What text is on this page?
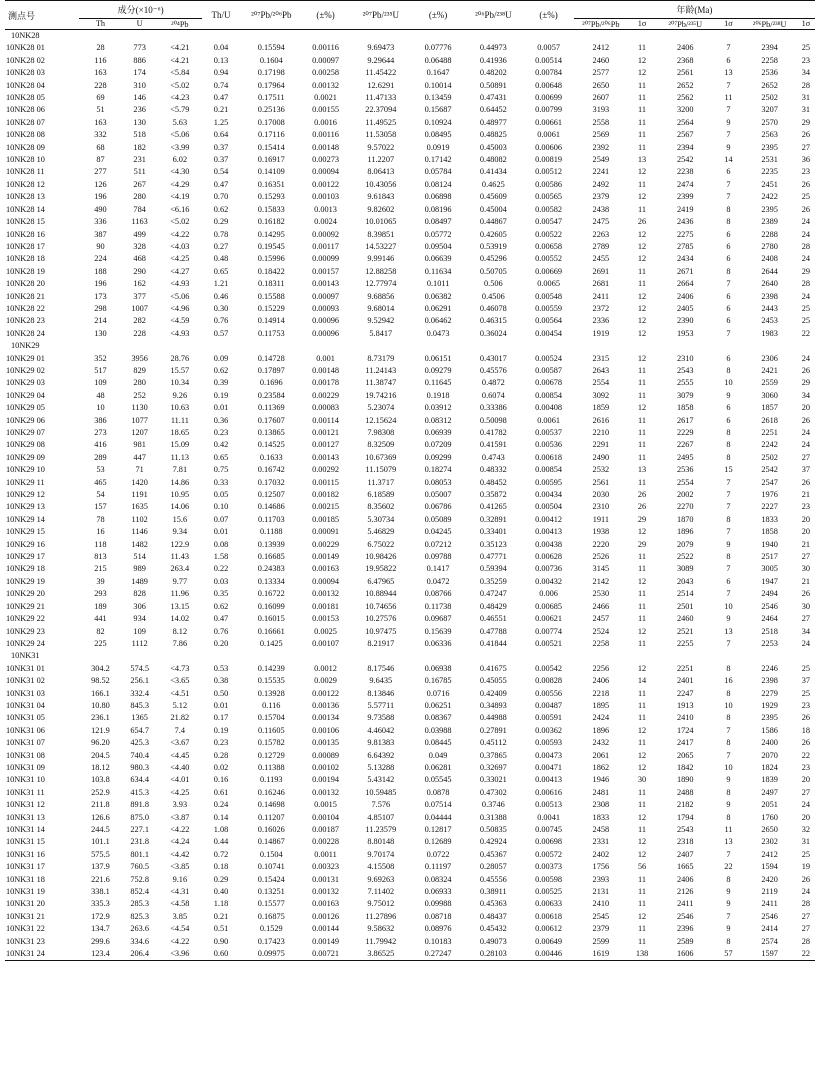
测点号	成分(×10⁻⁶)			Th/U	²⁰⁷Pb/²⁰⁶Pb	(±%)	²⁰⁷Pb/²³⁵U	(±%)	²⁰⁶Pb/²³⁸U	(±%)	年龄(Ma)					
	Th	U	²⁰⁴Pb								²⁰⁷Pb/²⁰⁶Pb	1σ	²⁰⁷Pb/²³⁵U	1σ	²⁰⁶Pb/²³⁸U	1σ
10NK28																
10NK28 01	28	773	<4.21	0.04	0.15594	0.00116	9.69473	0.07776	0.44973	0.0057	2412	11	2406	7	2394	25
10NK28 02	116	886	<4.21	0.13	0.1604	0.00097	9.29644	0.06488	0.41936	0.00514	2460	12	2368	6	2258	23
10NK28 03	163	174	<5.84	0.94	0.17198	0.00258	11.45422	0.1647	0.48202	0.00784	2577	12	2561	13	2536	34
10NK28 04	228	310	<5.02	0.74	0.17964	0.00132	12.6291	0.10014	0.50891	0.00648	2650	11	2652	7	2652	28
10NK28 05	69	146	<4.23	0.47	0.17511	0.0021	11.47133	0.13459	0.47431	0.00699	2607	11	2562	11	2502	31
10NK28 06	51	236	<5.79	0.21	0.25136	0.00155	22.37094	0.15687	0.64452	0.00799	3193	11	3200	7	3207	31
10NK28 07	163	130	5.63	1.25	0.17008	0.0016	11.49525	0.10924	0.48977	0.00661	2558	11	2564	9	2570	29
10NK28 08	332	518	<5.06	0.64	0.17116	0.00116	11.53058	0.08495	0.48825	0.0061	2569	11	2567	7	2563	26
10NK28 09	68	182	<3.99	0.37	0.15414	0.00148	9.57022	0.0919	0.45003	0.00606	2392	11	2394	9	2395	27
10NK28 10	87	231	6.02	0.37	0.16917	0.00273	11.2207	0.17142	0.48082	0.00819	2549	13	2542	14	2531	36
10NK28 11	277	511	<4.30	0.54	0.14109	0.00094	8.06413	0.05784	0.41434	0.00512	2241	12	2238	6	2235	23
10NK28 12	126	267	<4.29	0.47	0.16351	0.00122	10.43056	0.08124	0.4625	0.00586	2492	11	2474	7	2451	26
10NK28 13	196	280	<4.19	0.70	0.15293	0.00103	9.61843	0.06898	0.45609	0.00565	2379	12	2399	7	2422	25
10NK28 14	490	784	<6.16	0.62	0.15833	0.0013	9.82602	0.08196	0.45004	0.00582	2438	11	2419	8	2395	26
10NK28 15	336	1163	<5.02	0.29	0.16182	0.0024	10.01065	0.08497	0.44867	0.00547	2475	26	2436	8	2389	24
10NK28 16	387	499	<4.22	0.78	0.14295	0.00092	8.39851	0.05772	0.42605	0.00522	2263	12	2275	6	2288	24
10NK28 17	90	328	<4.03	0.27	0.19545	0.00117	14.53227	0.09504	0.53919	0.00658	2789	12	2785	6	2780	28
10NK28 18	224	468	<4.25	0.48	0.15996	0.00099	9.99146	0.06639	0.45296	0.00552	2455	12	2434	6	2408	24
10NK28 19	188	290	<4.27	0.65	0.18422	0.00157	12.88258	0.11634	0.50705	0.00669	2691	11	2671	8	2644	29
10NK28 20	196	162	<4.93	1.21	0.18311	0.00143	12.77974	0.1011	0.506	0.0065	2681	11	2664	7	2640	28
10NK28 21	173	377	<5.06	0.46	0.15588	0.00097	9.68856	0.06382	0.4506	0.00548	2411	12	2406	6	2398	24
10NK28 22	298	1007	<4.96	0.30	0.15229	0.00093	9.68014	0.06291	0.46078	0.00559	2372	12	2405	6	2443	25
10NK28 23	214	282	<4.59	0.76	0.14914	0.00096	9.52942	0.06462	0.46315	0.00564	2336	12	2390	6	2453	25
10NK28 24	130	228	<4.93	0.57	0.11753	0.00096	5.8417	0.0473	0.36024	0.00454	1919	12	1953	7	1983	22
10NK29																
10NK29 01	352	3956	28.76	0.09	0.14728	0.001	8.73179	0.06151	0.43017	0.00524	2315	12	2310	6	2306	24
10NK29 02	517	829	15.57	0.62	0.17897	0.00148	11.24143	0.09279	0.45576	0.00587	2643	11	2543	8	2421	26
10NK29 03	109	280	10.34	0.39	0.1696	0.00178	11.38747	0.11645	0.4872	0.00678	2554	11	2555	10	2559	29
10NK29 04	48	252	9.26	0.19	0.23584	0.00229	19.74216	0.1918	0.6074	0.00854	3092	11	3079	9	3060	34
10NK29 05	10	1130	10.63	0.01	0.11369	0.00083	5.23074	0.03912	0.33386	0.00408	1859	12	1858	6	1857	20
10NK29 06	386	1077	11.11	0.36	0.17607	0.00114	12.15624	0.08312	0.50098	0.0061	2616	11	2617	6	2618	26
10NK29 07	273	1207	18.65	0.23	0.13865	0.00121	7.98308	0.06939	0.41782	0.00537	2210	11	2229	8	2251	24
10NK29 08	416	981	15.09	0.42	0.14525	0.00127	8.32509	0.07209	0.41591	0.00536	2291	11	2267	8	2242	24
10NK29 09	289	447	11.13	0.65	0.1633	0.00143	10.67369	0.09299	0.4743	0.00618	2490	11	2495	8	2502	27
10NK29 10	53	71	7.81	0.75	0.16742	0.00292	11.15079	0.18274	0.48332	0.00854	2532	13	2536	15	2542	37
10NK29 11	465	1420	14.86	0.33	0.17032	0.00115	11.3717	0.08053	0.48452	0.00595	2561	11	2554	7	2547	26
10NK29 12	54	1191	10.95	0.05	0.12507	0.00182	6.18589	0.05007	0.35872	0.00434	2030	26	2002	7	1976	21
10NK29 13	157	1635	14.06	0.10	0.14686	0.00215	8.35602	0.06786	0.41265	0.00504	2310	26	2270	7	2227	23
10NK29 14	78	1102	15.6	0.07	0.11703	0.00185	5.30734	0.05089	0.32891	0.00412	1911	29	1870	8	1833	20
10NK29 15	16	1146	9.34	0.01	0.1188	0.00091	5.46829	0.04245	0.33401	0.00413	1938	12	1896	7	1858	20
10NK29 16	118	1482	122.9	0.08	0.13939	0.00229	6.75022	0.07212	0.35123	0.00438	2220	29	2079	9	1940	21
10NK29 17	813	514	11.43	1.58	0.16685	0.00149	10.98426	0.09788	0.47771	0.00628	2526	11	2522	8	2517	27
10NK29 18	215	989	263.4	0.22	0.24383	0.00163	19.95822	0.1417	0.59394	0.00736	3145	11	3089	7	3005	30
10NK29 19	39	1489	9.77	0.03	0.13334	0.00094	6.47965	0.0472	0.35259	0.00432	2142	12	2043	6	1947	21
10NK29 20	293	828	11.96	0.35	0.16722	0.00132	10.88944	0.08766	0.47247	0.006	2530	11	2514	7	2494	26
10NK29 21	189	306	13.15	0.62	0.16099	0.00181	10.74656	0.11738	0.48429	0.00685	2466	11	2501	10	2546	30
10NK29 22	441	934	14.02	0.47	0.16015	0.00153	10.27576	0.09687	0.46551	0.00621	2457	11	2460	9	2464	27
10NK29 23	82	109	8.12	0.76	0.16661	0.0025	10.97475	0.15639	0.47788	0.00774	2524	12	2521	13	2518	34
10NK29 24	225	1112	7.86	0.20	0.1425	0.00107	8.21917	0.06336	0.41844	0.00521	2258	11	2255	7	2253	24
10NK31																
10NK31 01	304.2	574.5	<4.73	0.53	0.14239	0.0012	8.17546	0.06938	0.41675	0.00542	2256	12	2251	8	2246	25
10NK31 02	98.52	256.1	<3.65	0.38	0.15535	0.0029	9.6435	0.16785	0.45055	0.00828	2406	14	2401	16	2398	37
10NK31 03	166.1	332.4	<4.51	0.50	0.13928	0.00122	8.13846	0.0716	0.42409	0.00556	2218	11	2247	8	2279	25
10NK31 04	10.80	845.3	5.12	0.01	0.116	0.00136	5.57711	0.06251	0.34893	0.00487	1895	11	1913	10	1929	23
10NK31 05	236.1	1365	21.82	0.17	0.15704	0.00134	9.73588	0.08367	0.44988	0.00591	2424	11	2410	8	2395	26
10NK31 06	121.9	654.7	7.4	0.19	0.11605	0.00106	4.46042	0.03988	0.27891	0.00362	1896	12	1724	7	1586	18
10NK31 07	96.20	425.3	<3.67	0.23	0.15782	0.00135	9.81383	0.08445	0.45112	0.00593	2432	11	2417	8	2400	26
10NK31 08	204.5	740.4	<4.45	0.28	0.12729	0.00089	6.64392	0.049	0.37865	0.00473	2061	12	2065	7	2070	22
10NK31 09	18.12	980.3	<4.40	0.02	0.11388	0.00102	5.13288	0.06281	0.32697	0.00471	1862	12	1842	10	1824	23
10NK31 10	103.8	634.4	<4.01	0.16	0.1193	0.00194	5.43142	0.05545	0.33021	0.00413	1946	30	1890	9	1839	20
10NK31 11	252.9	415.3	<4.25	0.61	0.16246	0.00132	10.59485	0.0878	0.47302	0.00616	2481	11	2488	8	2497	27
10NK31 12	211.8	891.8	3.93	0.24	0.14698	0.0015	7.576	0.07514	0.3746	0.00513	2308	11	2182	9	2051	24
10NK31 13	126.6	875.0	<3.87	0.14	0.11207	0.00104	4.85107	0.04444	0.31388	0.0041	1833	12	1794	8	1760	20
10NK31 14	244.5	227.1	<4.22	1.08	0.16026	0.00187	11.23579	0.12817	0.50835	0.00745	2458	11	2543	11	2650	32
10NK31 15	101.1	231.8	<4.24	0.44	0.14867	0.00228	8.80148	0.12689	0.42924	0.00698	2331	12	2318	13	2302	31
10NK31 16	575.5	801.1	<4.42	0.72	0.1504	0.0011	9.70174	0.0722	0.45367	0.00572	2402	12	2407	7	2412	25
10NK31 17	137.9	760.5	<3.85	0.18	0.10741	0.00323	4.15508	0.11197	0.28057	0.00373	1756	56	1665	22	1594	19
10NK31 18	221.6	752.8	9.16	0.29	0.15424	0.00131	9.69263	0.08324	0.45556	0.00598	2393	11	2406	8	2420	26
10NK31 19	338.1	852.4	<4.31	0.40	0.13251	0.00132	7.11402	0.06933	0.38911	0.00525	2131	11	2126	9	2119	24
10NK31 20	335.3	285.3	<4.58	1.18	0.15577	0.00163	9.75012	0.09988	0.45363	0.00633	2410	11	2411	9	2411	28
10NK31 21	172.9	825.3	3.85	0.21	0.16875	0.00126	11.27896	0.08718	0.48437	0.00618	2545	12	2546	7	2546	27
10NK31 22	134.7	263.6	<4.54	0.51	0.1529	0.00144	9.58632	0.08976	0.45432	0.00612	2379	11	2396	9	2414	27
10NK31 23	299.6	334.6	<4.22	0.90	0.17423	0.00149	11.79942	0.10183	0.49073	0.00649	2599	11	2589	8	2574	28
10NK31 24	123.4	206.4	<3.96	0.60	0.09975	0.00721	3.86525	0.27247	0.28103	0.00446	1619	138	1606	57	1597	22
